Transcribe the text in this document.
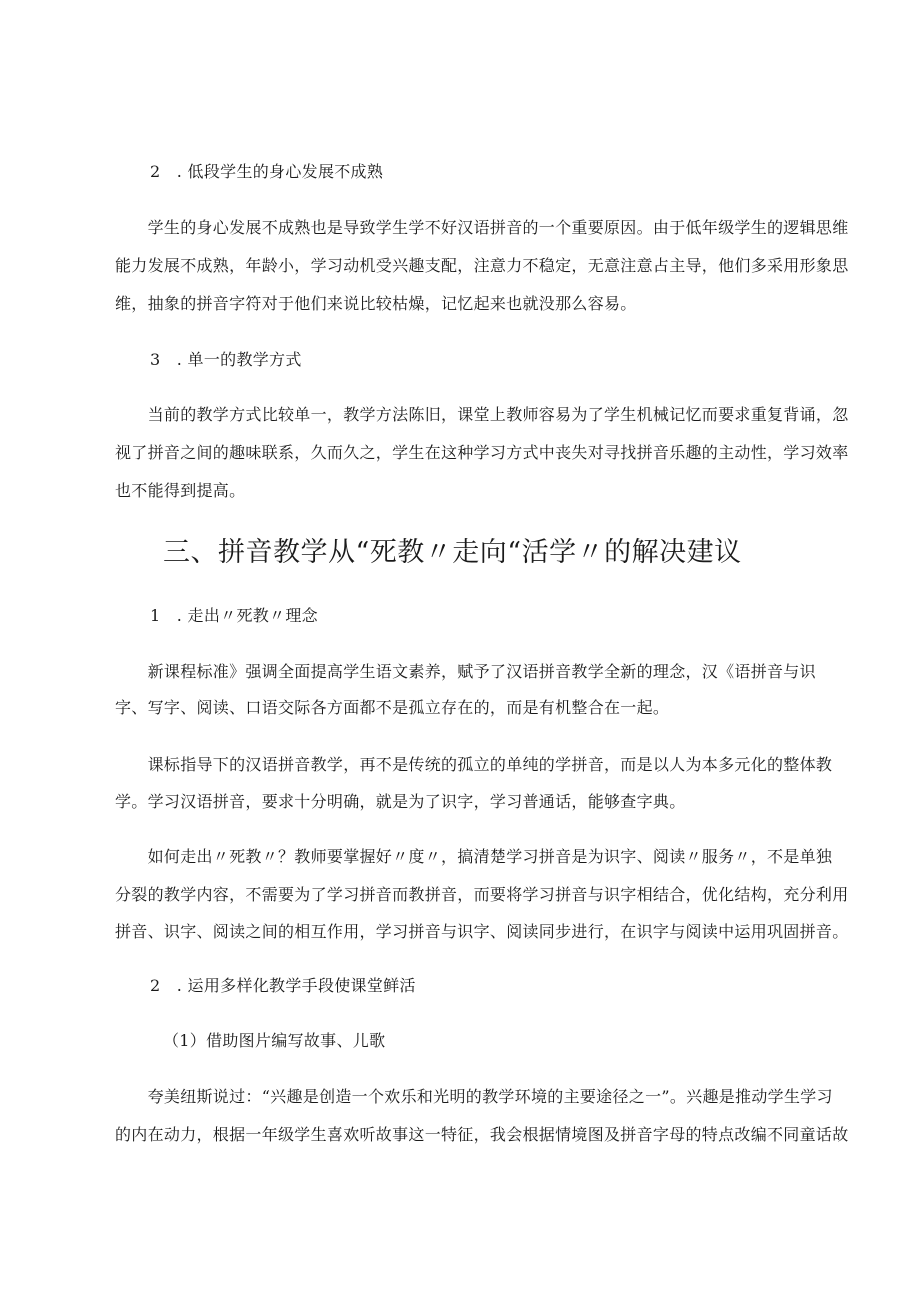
2　. 低段学生的身心发展不成熟
　　学生的身心发展不成熟也是导致学生学不好汉语拼音的一个重要原因。由于低年级学生的逻辑思维
能力发展不成熟，年龄小，学习动机受兴趣支配，注意力不稳定，无意注意占主导，他们多采用形象思
维，抽象的拼音字符对于他们来说比较枯燥，记忆起来也就没那么容易。
3　. 单一的教学方式
　　当前的教学方式比较单一，教学方法陈旧，课堂上教师容易为了学生机械记忆而要求重复背诵，忽
视了拼音之间的趣味联系，久而久之，学生在这种学习方式中丧失对寻找拼音乐趣的主动性，学习效率
也不能得到提高。
三、拼音教学从“死教〃走向“活学〃的解决建议
1　. 走出〃死教〃理念
　　新课程标准》强调全面提高学生语文素养，赋予了汉语拼音教学全新的理念，汉《语拼音与识
字、写字、阅读、口语交际各方面都不是孤立存在的，而是有机整合在一起。
　　课标指导下的汉语拼音教学，再不是传统的孤立的单纯的学拼音，而是以人为本多元化的整体教
学。学习汉语拼音，要求十分明确，就是为了识字，学习普通话，能够查字典。
　　如何走出〃死教〃？教师要掌握好〃度〃，搞清楚学习拼音是为识字、阅读〃服务〃，不是单独
分裂的教学内容，不需要为了学习拼音而教拼音，而要将学习拼音与识字相结合，优化结构，充分利用
拼音、识字、阅读之间的相互作用，学习拼音与识字、阅读同步进行，在识字与阅读中运用巩固拼音。
2　. 运用多样化教学手段使课堂鲜活
（1）借助图片编写故事、儿歌
　　夸美纽斯说过：“兴趣是创造一个欢乐和光明的教学环境的主要途径之一”。兴趣是推动学生学习
的内在动力，根据一年级学生喜欢听故事这一特征，我会根据情境图及拼音字母的特点改编不同童话故
